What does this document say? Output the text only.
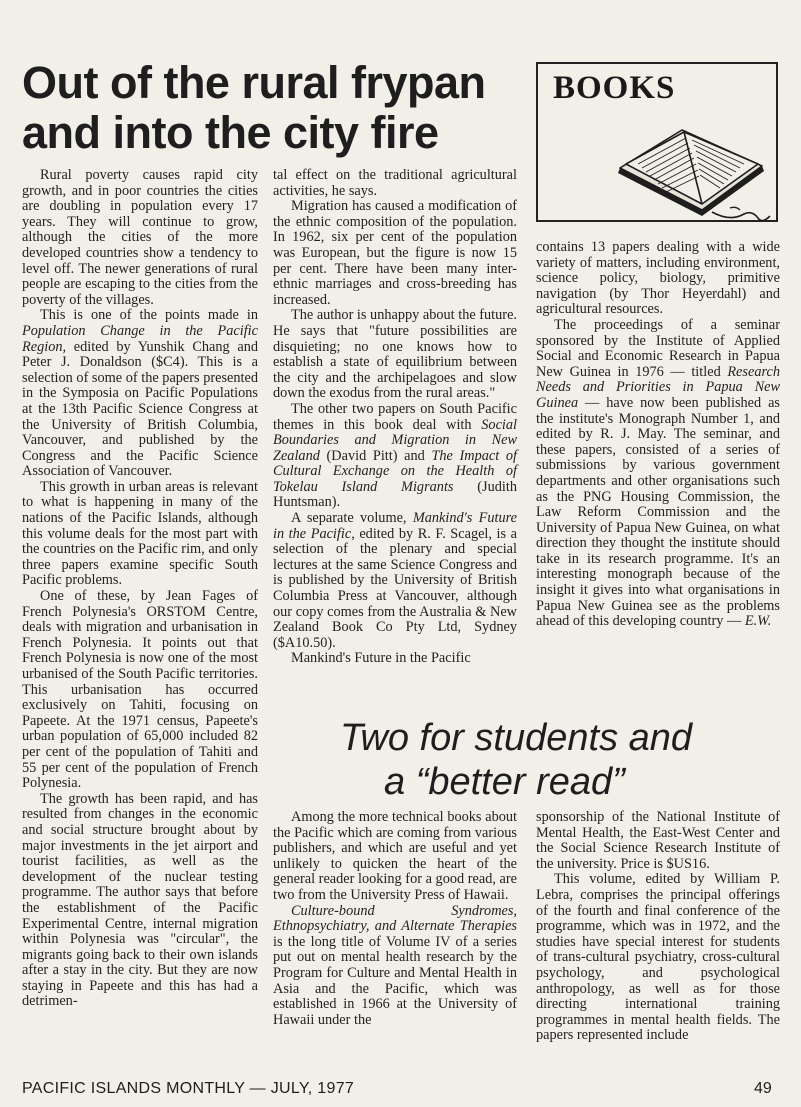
Out of the rural frypan
and into the city fire
BOOKS

Rural poverty causes rapid city growth, and in poor countries the cities are doubling in population every 17 years. They will continue to grow, although the cities of the more developed countries show a tendency to level off. The newer generations of rural people are escaping to the cities from the poverty of the villages.

This is one of the points made in Population Change in the Pacific Region, edited by Yunshik Chang and Peter J. Donaldson ($C4). This is a selection of some of the papers presented in the Symposia on Pacific Populations at the 13th Pacific Science Congress at the University of British Columbia, Vancouver, and published by the Congress and the Pacific Science Association of Vancouver.

This growth in urban areas is relevant to what is happening in many of the nations of the Pacific Islands, although this volume deals for the most part with the countries on the Pacific rim, and only three papers examine specific South Pacific problems.

One of these, by Jean Fages of French Polynesia's ORSTOM Centre, deals with migration and urbanisation in French Polynesia. It points out that French Polynesia is now one of the most urbanised of the South Pacific territories. This urbanisation has occurred exclusively on Tahiti, focusing on Papeete. At the 1971 census, Papeete's urban population of 65,000 included 82 per cent of the population of Tahiti and 55 per cent of the population of French Polynesia.

The growth has been rapid, and has resulted from changes in the economic and social structure brought about by major investments in the jet airport and tourist facilities, as well as the development of the nuclear testing programme. The author says that before the establishment of the Pacific Experimental Centre, internal migration within Polynesia was "circular", the migrants going back to their own islands after a stay in the city. But they are now staying in Papeete and this has had a detrimen-

tal effect on the traditional agricultural activities, he says.

Migration has caused a modification of the ethnic composition of the population. In 1962, six per cent of the population was European, but the figure is now 15 per cent. There have been many inter-ethnic marriages and cross-breeding has increased.

The author is unhappy about the future. He says that "future possibilities are disquieting; no one knows how to establish a state of equilibrium between the city and the archipelagoes and slow down the exodus from the rural areas."

The other two papers on South Pacific themes in this book deal with Social Boundaries and Migration in New Zealand (David Pitt) and The Impact of Cultural Exchange on the Health of Tokelau Island Migrants (Judith Huntsman).

A separate volume, Mankind's Future in the Pacific, edited by R. F. Scagel, is a selection of the plenary and special lectures at the same Science Congress and is published by the University of British Columbia Press at Vancouver, although our copy comes from the Australia & New Zealand Book Co Pty Ltd, Sydney ($A10.50).

Mankind's Future in the Pacific

contains 13 papers dealing with a wide variety of matters, including environment, science policy, biology, primitive navigation (by Thor Heyerdahl) and agricultural resources.

The proceedings of a seminar sponsored by the Institute of Applied Social and Economic Research in Papua New Guinea in 1976 — titled Research Needs and Priorities in Papua New Guinea — have now been published as the institute's Monograph Number 1, and edited by R. J. May. The seminar, and these papers, consisted of a series of submissions by various government departments and other organisations such as the PNG Housing Commission, the Law Reform Commission and the University of Papua New Guinea, on what direction they thought the institute should take in its research programme. It's an interesting monograph because of the insight it gives into what organisations in Papua New Guinea see as the problems ahead of this developing country — E.W.

Two for students and
a “better read”

Among the more technical books about the Pacific which are coming from various publishers, and which are useful and yet unlikely to quicken the heart of the general reader looking for a good read, are two from the University Press of Hawaii.

Culture-bound Syndromes, Ethnopsychiatry, and Alternate Therapies is the long title of Volume IV of a series put out on mental health research by the Program for Culture and Mental Health in Asia and the Pacific, which was established in 1966 at the University of Hawaii under the

sponsorship of the National Institute of Mental Health, the East-West Center and the Social Science Research Institute of the university. Price is $US16.

This volume, edited by William P. Lebra, comprises the principal offerings of the fourth and final conference of the programme, which was in 1972, and the studies have special interest for students of trans-cultural psychiatry, cross-cultural psychology, and psychological anthropology, as well as for those directing international training programmes in mental health fields. The papers represented include

PACIFIC ISLANDS MONTHLY — JULY, 1977	49
